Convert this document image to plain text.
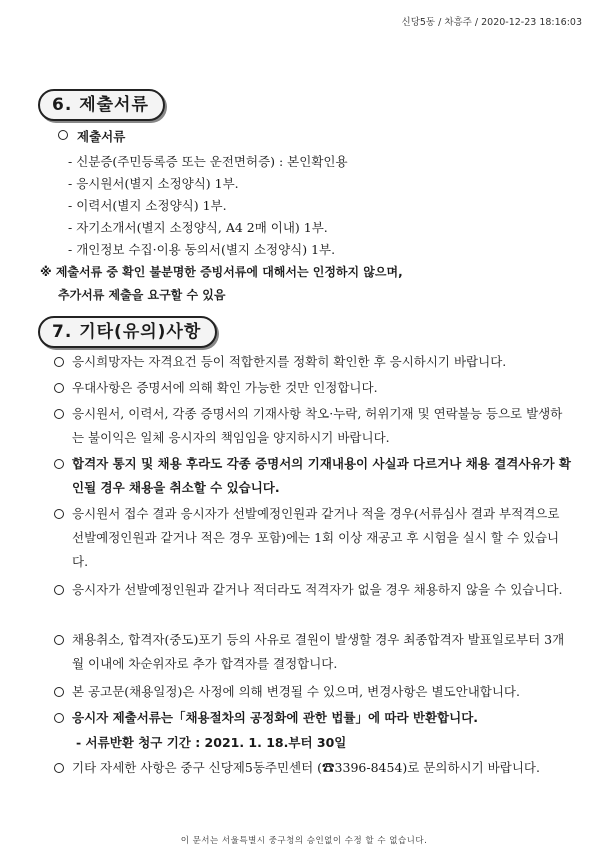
신당5동 / 차흥주 / 2020-12-23 18:16:03
6. 제출서류
제출서류
- 신분증(주민등록증 또는 운전면허증) : 본인확인용
- 응시원서(별지 소정양식) 1부.
- 이력서(별지 소정양식) 1부.
- 자기소개서(별지 소정양식, A4 2매 이내) 1부.
- 개인정보 수집·이용 동의서(별지 소정양식) 1부.
※ 제출서류 중 확인 불분명한 증빙서류에 대해서는 인정하지 않으며,
추가서류 제출을 요구할 수 있음
7. 기타(유의)사항
응시희망자는 자격요건 등이 적합한지를 정확히 확인한 후 응시하시기 바랍니다.
우대사항은 증명서에 의해 확인 가능한 것만 인정합니다.
응시원서, 이력서, 각종 증명서의 기재사항 착오·누락, 허위기재 및 연락불능 등으로 발생하는 불이익은 일체 응시자의 책임임을 양지하시기 바랍니다.
합격자 통지 및 채용 후라도 각종 증명서의 기재내용이 사실과 다르거나 채용 결격사유가 확인될 경우 채용을 취소할 수 있습니다.
응시원서 접수 결과 응시자가 선발예정인원과 같거나 적을 경우(서류심사 결과 부적격으로 선발예정인원과 같거나 적은 경우 포함)에는 1회 이상 재공고 후 시험을 실시 할 수 있습니다.
응시자가 선발예정인원과 같거나 적더라도 적격자가 없을 경우 채용하지 않을 수 있습니다.
채용취소, 합격자(중도)포기 등의 사유로 결원이 발생할 경우 최종합격자 발표일로부터 3개월 이내에 차순위자로 추가 합격자를 결정합니다.
본 공고문(채용일정)은 사정에 의해 변경될 수 있으며, 변경사항은 별도안내합니다.
응시자 제출서류는「채용절차의 공정화에 관한 법률」에 따라 반환합니다.
- 서류반환 청구 기간 : 2021. 1. 18.부터 30일
기타 자세한 사항은 중구 신당제5동주민센터 (☎3396-8454)로 문의하시기 바랍니다.
이 문서는 서울특별시 중구청의 승인없이 수정 할 수 없습니다.
